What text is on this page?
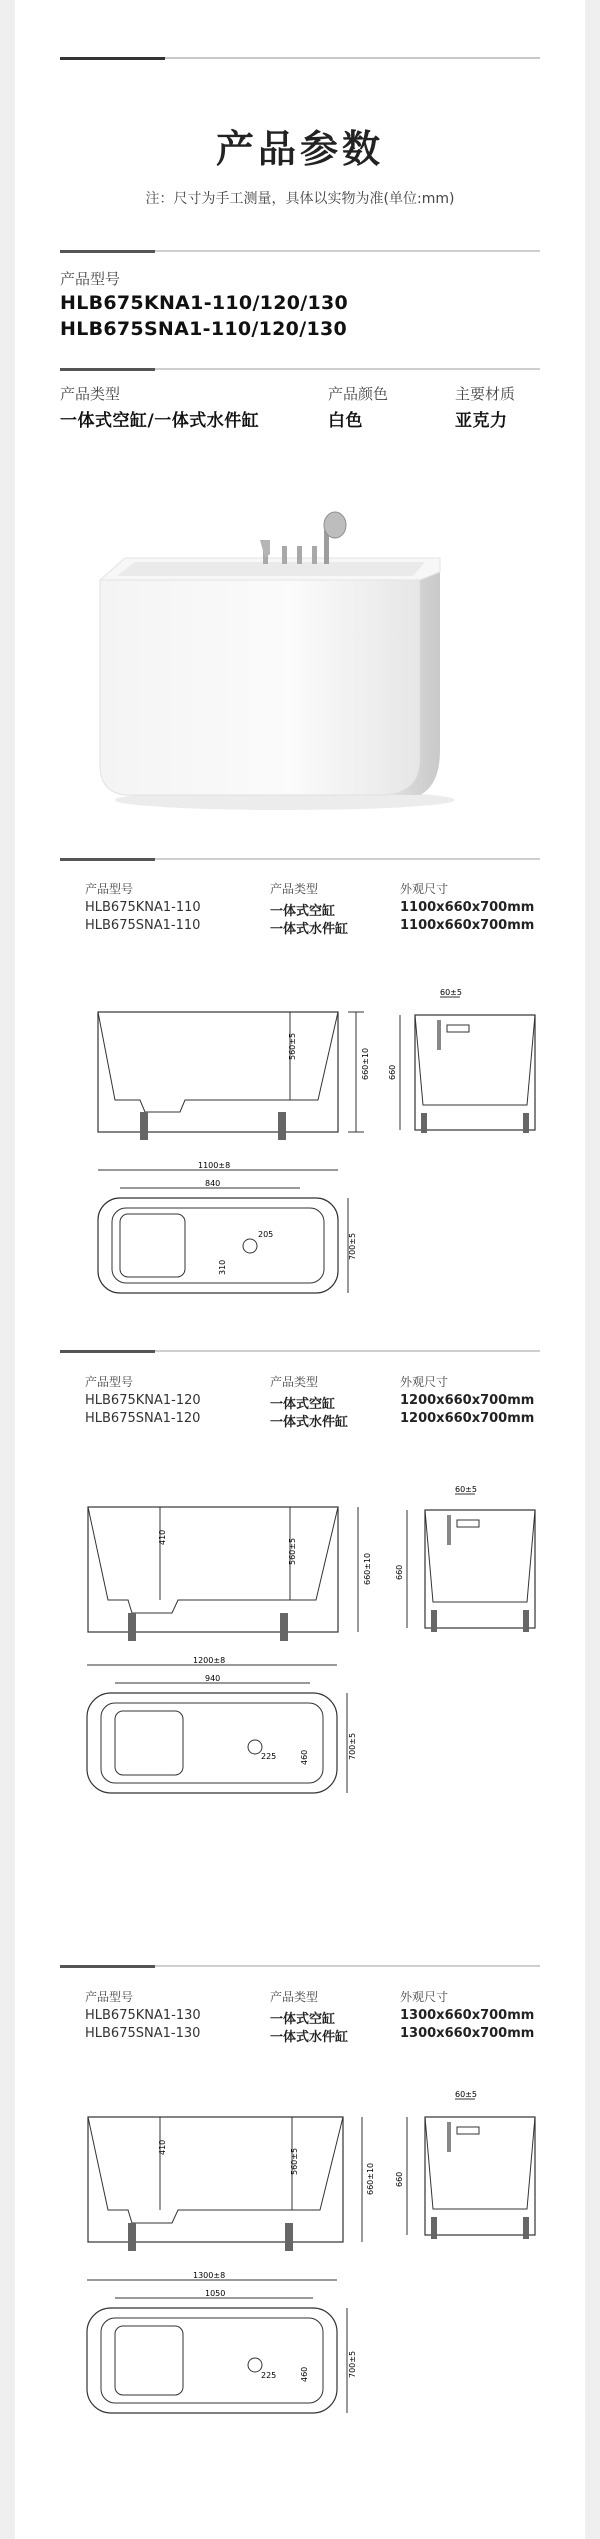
产品参数
注：尺寸为手工测量，具体以实物为准(单位:mm)
产品型号
HLB675KNA1-110/120/130
HLB675SNA1-110/120/130
产品类型
一体式空缸/一体式水件缸
产品颜色
白色
主要材质
亚克力
产品型号	产品类型	外观尺寸
HLB675KNA1-110	一体式空缸	1100x660x700mm
HLB675SNA1-110	一体式水件缸	1100x660x700mm
560±5
660±10
60±5
660
1100±8
840
205
310
700±5
产品型号	产品类型	外观尺寸
HLB675KNA1-120	一体式空缸	1200x660x700mm
HLB675SNA1-120	一体式水件缸	1200x660x700mm
410
560±5
660±10
60±5
660
1200±8
940
225	460	700±5
产品型号	产品类型	外观尺寸
HLB675KNA1-130	一体式空缸	1300x660x700mm
HLB675SNA1-130	一体式水件缸	1300x660x700mm
410
560±5
660±10
60±5
660
1300±8
1050
225	460	700±5
